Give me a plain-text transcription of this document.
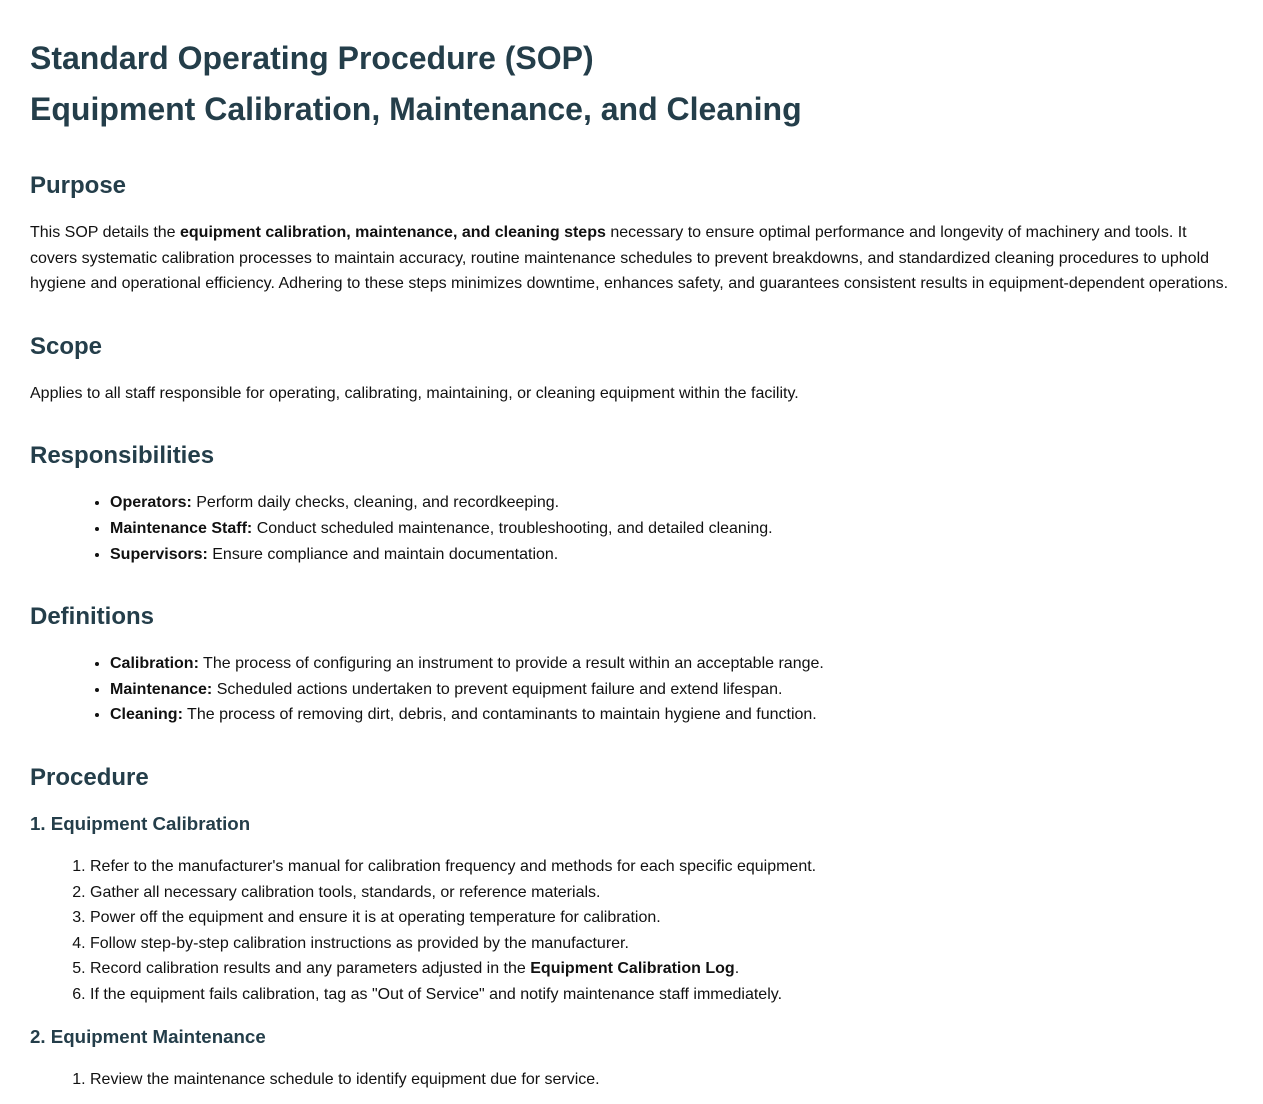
Standard Operating Procedure (SOP)
Equipment Calibration, Maintenance, and Cleaning
Purpose

This SOP details the equipment calibration, maintenance, and cleaning steps necessary to ensure optimal performance and longevity of machinery and tools. It covers systematic calibration processes to maintain accuracy, routine maintenance schedules to prevent breakdowns, and standardized cleaning procedures to uphold hygiene and operational efficiency. Adhering to these steps minimizes downtime, enhances safety, and guarantees consistent results in equipment-dependent operations.

Scope

Applies to all staff responsible for operating, calibrating, maintaining, or cleaning equipment within the facility.

Responsibilities
• Operators: Perform daily checks, cleaning, and recordkeeping.
• Maintenance Staff: Conduct scheduled maintenance, troubleshooting, and detailed cleaning.
• Supervisors: Ensure compliance and maintain documentation.
Definitions
• Calibration: The process of configuring an instrument to provide a result within an acceptable range.
• Maintenance: Scheduled actions undertaken to prevent equipment failure and extend lifespan.
• Cleaning: The process of removing dirt, debris, and contaminants to maintain hygiene and function.
Procedure
1. Equipment Calibration
1. Refer to the manufacturer's manual for calibration frequency and methods for each specific equipment.
2. Gather all necessary calibration tools, standards, or reference materials.
3. Power off the equipment and ensure it is at operating temperature for calibration.
4. Follow step-by-step calibration instructions as provided by the manufacturer.
5. Record calibration results and any parameters adjusted in the Equipment Calibration Log.
6. If the equipment fails calibration, tag as "Out of Service" and notify maintenance staff immediately.
2. Equipment Maintenance
1. Review the maintenance schedule to identify equipment due for service.
